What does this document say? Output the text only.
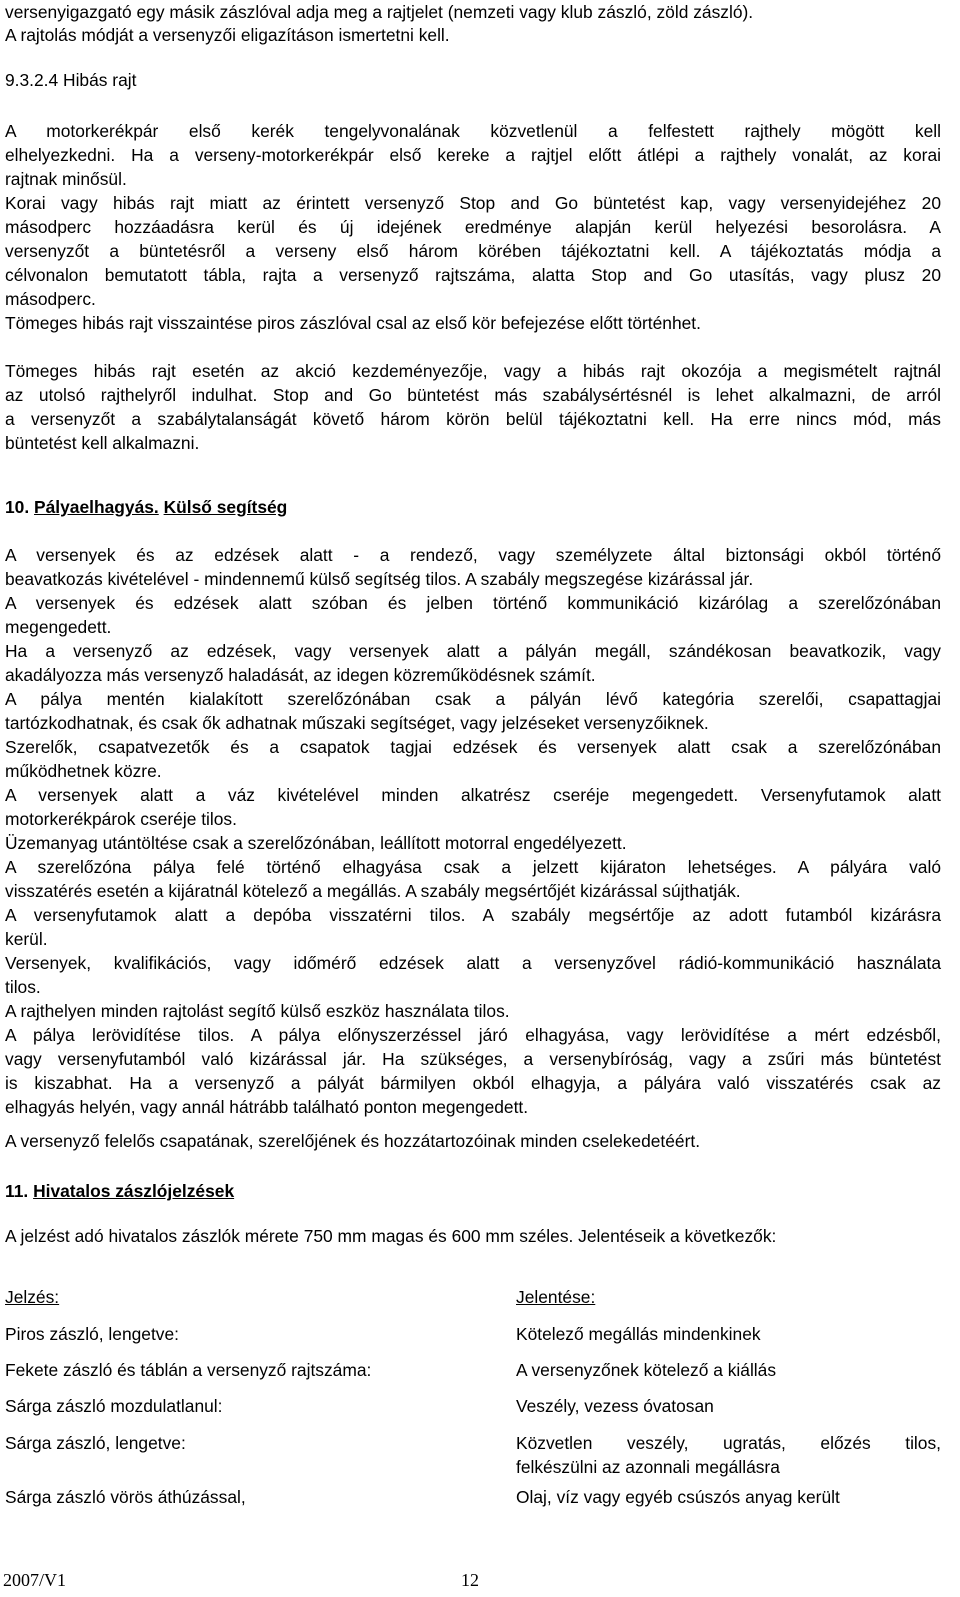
versenyigazgató egy másik zászlóval adja meg a rajtjelet (nemzeti vagy klub zászló, zöld zászló).
A rajtolás módját a versenyzői eligazításon ismertetni kell.
9.3.2.4 Hibás rajt
A motorkerékpár első kerék tengelyvonalának közvetlenül a felfestett rajthely mögött kell
elhelyezkedni. Ha a verseny-motorkerékpár első kereke a rajtjel előtt átlépi a rajthely vonalát, az korai
rajtnak minősül.
Korai vagy hibás rajt miatt az érintett versenyző Stop and Go büntetést kap, vagy versenyidejéhez 20
másodperc hozzáadásra kerül és új idejének eredménye alapján kerül helyezési besorolásra. A
versenyzőt a büntetésről a verseny első három körében tájékoztatni kell. A tájékoztatás módja a
célvonalon bemutatott tábla, rajta a versenyző rajtszáma, alatta Stop and Go utasítás, vagy plusz 20
másodperc.
Tömeges hibás rajt visszaintése piros zászlóval csal az első kör befejezése előtt történhet.
Tömeges hibás rajt esetén az akció kezdeményezője, vagy a hibás rajt okozója a megismételt rajtnál
az utolsó rajthelyről indulhat. Stop and Go büntetést más szabálysértésnél is lehet alkalmazni, de arról
a versenyzőt a szabálytalanságát követő három körön belül tájékoztatni kell. Ha erre nincs mód, más
büntetést kell alkalmazni.
10. Pályaelhagyás. Külső segítség
A versenyek és az edzések alatt - a rendező, vagy személyzete által biztonsági okból történő
beavatkozás kivételével - mindennemű külső segítség tilos. A szabály megszegése kizárással jár.
A versenyek és edzések alatt szóban és jelben történő kommunikáció kizárólag a szerelőzónában
megengedett.
Ha a versenyző az edzések, vagy versenyek alatt a pályán megáll, szándékosan beavatkozik, vagy
akadályozza más versenyző haladását, az idegen közreműködésnek számít.
A pálya mentén kialakított szerelőzónában csak a pályán lévő kategória szerelői, csapattagjai
tartózkodhatnak, és csak ők adhatnak műszaki segítséget, vagy jelzéseket versenyzőiknek.
Szerelők, csapatvezetők és a csapatok tagjai edzések és versenyek alatt csak a szerelőzónában
működhetnek közre.
A versenyek alatt a váz kivételével minden alkatrész cseréje megengedett. Versenyfutamok alatt
motorkerékpárok cseréje tilos.
Üzemanyag utántöltése csak a szerelőzónában, leállított motorral engedélyezett.
A szerelőzóna pálya felé történő elhagyása csak a jelzett kijáraton lehetséges. A pályára való
visszatérés esetén a kijáratnál kötelező a megállás. A szabály megsértőjét kizárással sújthatják.
A versenyfutamok alatt a depóba visszatérni tilos. A szabály megsértője az adott futamból kizárásra
kerül.
Versenyek, kvalifikációs, vagy időmérő edzések alatt a versenyzővel rádió-kommunikáció használata
tilos.
A rajthelyen minden rajtolást segítő külső eszköz használata tilos.
A pálya lerövidítése tilos. A pálya előnyszerzéssel járó elhagyása, vagy lerövidítése a mért edzésből,
vagy versenyfutamból való kizárással jár. Ha szükséges, a versenybíróság, vagy a zsűri más büntetést
is kiszabhat. Ha a versenyző a pályát bármilyen okból elhagyja, a pályára való visszatérés csak az
elhagyás helyén, vagy annál hátrább található ponton megengedett.
A versenyző felelős csapatának, szerelőjének és hozzátartozóinak minden cselekedetéért.
11. Hivatalos zászlójelzések
A jelzést adó hivatalos zászlók mérete 750 mm magas és 600 mm széles. Jelentéseik a következők:
Jelzés:	Jelentése:
Piros zászló, lengetve:	Kötelező megállás mindenkinek
Fekete zászló és táblán a versenyző rajtszáma:	A versenyzőnek kötelező a kiállás
Sárga zászló mozdulatlanul:	Veszély, vezess óvatosan
Sárga zászló, lengetve:	Közvetlen veszély, ugratás, előzés tilos,
felkészülni az azonnali megállásra
Sárga zászló vörös áthúzással,	Olaj, víz vagy egyéb csúszós anyag került
2007/V1	12
